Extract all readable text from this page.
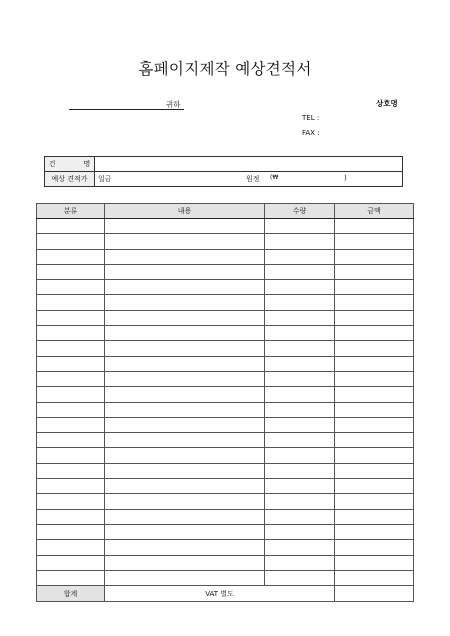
홈페이지제작 예상견적서
귀하	상호명
TEL :
FAX :
건 명	
예상 견적가	일금 원정 (₩ )
분류	내용	수량	금액

합계	VAT 별도		
